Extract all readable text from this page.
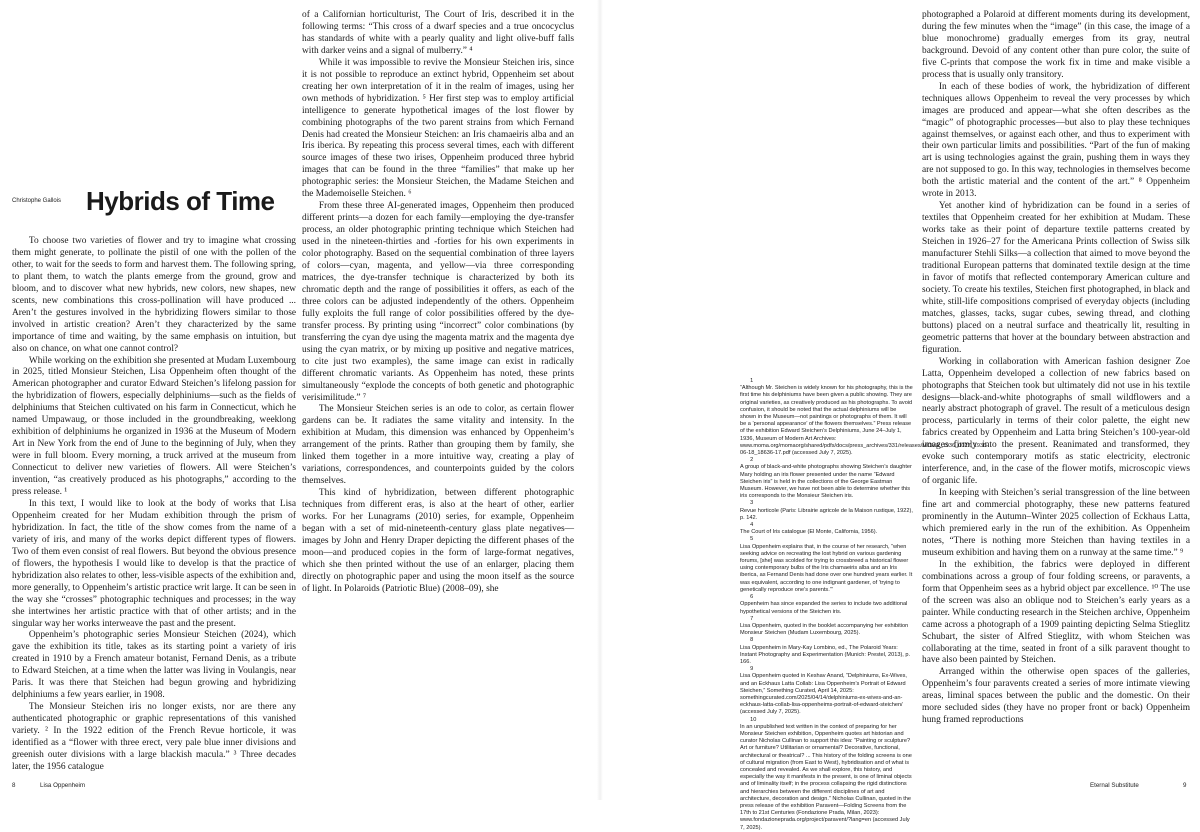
Christophe Gallois Hybrids of Time

To choose two varieties of flower and try to imagine what crossing them might generate, to pollinate the pistil of one with the pollen of the other, to wait for the seeds to form and harvest them. The following spring, to plant them, to watch the plants emerge from the ground, grow and bloom, and to discover what new hybrids, new colors, new shapes, new scents, new combinations this cross-pollination will have produced ... Aren’t the gestures involved in the hybridizing flowers similar to those involved in artistic creation? Aren’t they characterized by the same importance of time and waiting, by the same emphasis on intuition, but also on chance, on what one cannot control?

While working on the exhibition she presented at Mudam Luxembourg in 2025, titled Monsieur Steichen, Lisa Oppenheim often thought of the American photographer and curator Edward Steichen’s lifelong passion for the hybridization of flowers, especially delphiniums—such as the fields of delphiniums that Steichen cultivated on his farm in Connecticut, which he named Umpawaug, or those included in the groundbreaking, weeklong exhibition of delphiniums he organized in 1936 at the Museum of Modern Art in New York from the end of June to the beginning of July, when they were in full bloom. Every morning, a truck arrived at the museum from Connecticut to deliver new varieties of flowers. All were Steichen’s invention, “as creatively produced as his photographs,” according to the press release. ¹

In this text, I would like to look at the body of works that Lisa Oppenheim created for her Mudam exhibition through the prism of hybridization. In fact, the title of the show comes from the name of a variety of iris, and many of the works depict different types of flowers. Two of them even consist of real flowers. But beyond the obvious presence of flowers, the hypothesis I would like to develop is that the practice of hybridization also relates to other, less-visible aspects of the exhibition and, more generally, to Oppenheim’s artistic practice writ large. It can be seen in the way she “crosses” photographic techniques and processes; in the way she intertwines her artistic practice with that of other artists; and in the singular way her works interweave the past and the present.

Oppenheim’s photographic series Monsieur Steichen (2024), which gave the exhibition its title, takes as its starting point a variety of iris created in 1910 by a French amateur botanist, Fernand Denis, as a tribute to Edward Steichen, at a time when the latter was living in Voulangis, near Paris. It was there that Steichen had begun growing and hybridizing delphiniums a few years earlier, in 1908.

The Monsieur Steichen iris no longer exists, nor are there any authenticated photographic or graphic representations of this vanished variety. ² In the 1922 edition of the French Revue horticole, it was identified as a “flower with three erect, very pale blue inner divisions and greenish outer divisions with a large blackish macula.” ³ Three decades later, the 1956 catalogue

of a Californian horticulturist, The Court of Iris, described it in the following terms: “This cross of a dwarf species and a true oncocyclus has standards of white with a pearly quality and light olive-buff falls with darker veins and a signal of mulberry.” ⁴

While it was impossible to revive the Monsieur Steichen iris, since it is not possible to reproduce an extinct hybrid, Oppenheim set about creating her own interpretation of it in the realm of images, using her own methods of hybridization. ⁵ Her first step was to employ artificial intelligence to generate hypothetical images of the lost flower by combining photographs of the two parent strains from which Fernand Denis had created the Monsieur Steichen: an Iris chamaeiris alba and an Iris iberica. By repeating this process several times, each with different source images of these two irises, Oppenheim produced three hybrid images that can be found in the three “families” that make up her photographic series: the Monsieur Steichen, the Madame Steichen and the Mademoiselle Steichen. ⁶

From these three AI-generated images, Oppenheim then produced different prints—a dozen for each family—employing the dye-transfer process, an older photographic printing technique which Steichen had used in the nineteen-thirties and -forties for his own experiments in color photography. Based on the sequential combination of three layers of colors—cyan, magenta, and yellow—via three corresponding matrices, the dye-transfer technique is characterized by both its chromatic depth and the range of possibilities it offers, as each of the three colors can be adjusted independently of the others. Oppenheim fully exploits the full range of color possibilities offered by the dye-transfer process. By printing using “incorrect” color combinations (by transferring the cyan dye using the magenta matrix and the magenta dye using the cyan matrix, or by mixing up positive and negative matrices, to cite just two examples), the same image can exist in radically different chromatic variants. As Oppenheim has noted, these prints simultaneously “explode the concepts of both genetic and photographic verisimilitude.” ⁷

The Monsieur Steichen series is an ode to color, as certain flower gardens can be. It radiates the same vitality and intensity. In the exhibition at Mudam, this dimension was enhanced by Oppenheim’s arrangement of the prints. Rather than grouping them by family, she linked them together in a more intuitive way, creating a play of variations, correspondences, and counterpoints guided by the colors themselves.

This kind of hybridization, between different photographic techniques from different eras, is also at the heart of other, earlier works. For her Lunagrams (2010) series, for example, Oppenheim began with a set of mid-nineteenth-century glass plate negatives—images by John and Henry Draper depicting the different phases of the moon—and produced copies in the form of large-format negatives, which she then printed without the use of an enlarger, placing them directly on photographic paper and using the moon itself as the source of light. In Polaroids (Patriotic Blue) (2008–09), she

8	Lisa Oppenheim

1
“Although Mr. Steichen is widely known for his photography, this is the first time his delphiniums have been given a public showing. They are original varieties, as creatively produced as his photographs. To avoid confusion, it should be noted that the actual delphiniums will be shown in the Museum—not paintings or photographs of them. It will be a ‘personal appearance’ of the flowers themselves.” Press release of the exhibition Edward Steichen’s Delphiniums, June 24–July 1, 1936, Museum of Modern Art Archives: www.moma.org/momaorg/shared/pdfs/docs/press_archives/331/releases/MOMA_1936_0027_1936-06-18_18636-17.pdf (accessed July 7, 2025).

2
A group of black-and-white photographs showing Steichen’s daughter Mary holding an iris flower presented under the name “Edward Steichen iris” is held in the collections of the George Eastman Museum. However, we have not been able to determine whether this iris corresponds to the Monsieur Steichen iris.

3
Revue horticole (Paris: Librairie agricole de la Maison rustique, 1922), p. 142.

4
The Court of Iris catalogue (El Monte, California, 1956).

5
Lisa Oppenheim explains that, in the course of her research, “when seeking advice on recreating the lost hybrid on various gardening forums, [she] was scolded for trying to crossbreed a historical flower using contemporary bulbs of the Iris chamaeiris alba and an Iris iberica, as Fernand Denis had done over one hundred years earlier. It was equivalent, according to one indignant gardener, of ‘trying to genetically reproduce one’s parents.’”

6
Oppenheim has since expanded the series to include two additional hypothetical versions of the Steichen iris.

7
Lisa Oppenheim, quoted in the booklet accompanying her exhibition Monsieur Steichen (Mudam Luxembourg, 2025).

8
Lisa Oppenheim in Mary-Kay Lombino, ed., The Polaroid Years: Instant Photography and Experimentation (Munich: Prestel, 2013), p. 166.

9
Lisa Oppenheim quoted in Keshav Anand, “Delphiniums, Ex-Wives, and an Eckhaus Latta Collab: Lisa Oppenheim’s Portrait of Edward Steichen,” Something Curated, April 14, 2025: somethingcurated.com/2025/04/14/delphiniums-ex-wives-and-an-eckhaus-latta-collab-lisa-oppenheims-portrait-of-edward-steichen/ (accessed July 7, 2025).

10
In an unpublished text written in the context of preparing for her Monsieur Steichen exhibition, Oppenheim quotes art historian and curator Nicholas Cullinan to support this idea: “Painting or sculpture? Art or furniture? Utilitarian or ornamental? Decorative, functional, architectural or theatrical? ... This history of the folding screens is one of cultural migration (from East to West), hybridisation and of what is concealed and revealed. As we shall explore, this history, and especially the way it manifests in the present, is one of liminal objects and of liminality itself; in the process collapsing the rigid distinctions and hierarchies between the different disciplines of art and architecture, decoration and design.” Nicholas Cullinan, quoted in the press release of the exhibition Paravent—Folding Screens from the 17th to 21st Centuries (Fondazione Prada, Milan, 2023): www.fondazioneprada.org/project/paravent/?lang=en (accessed July 7, 2025).

photographed a Polaroid at different moments during its development, during the few minutes when the “image” (in this case, the image of a blue monochrome) gradually emerges from its gray, neutral background. Devoid of any content other than pure color, the suite of five C-prints that compose the work fix in time and make visible a process that is usually only transitory.

In each of these bodies of work, the hybridization of different techniques allows Oppenheim to reveal the very processes by which images are produced and appear—what she often describes as the “magic” of photographic processes—but also to play these techniques against themselves, or against each other, and thus to experiment with their own particular limits and possibilities. “Part of the fun of making art is using technologies against the grain, pushing them in ways they are not supposed to go. In this way, technologies in themselves become both the artistic material and the content of the art.” ⁸ Oppenheim wrote in 2013.

Yet another kind of hybridization can be found in a series of textiles that Oppenheim created for her exhibition at Mudam. These works take as their point of departure textile patterns created by Steichen in 1926–27 for the Americana Prints collection of Swiss silk manufacturer Stehli Silks—a collection that aimed to move beyond the traditional European patterns that dominated textile design at the time in favor of motifs that reflected contemporary American culture and society. To create his textiles, Steichen first photographed, in black and white, still-life compositions comprised of everyday objects (including matches, glasses, tacks, sugar cubes, sewing thread, and clothing buttons) placed on a neutral surface and theatrically lit, resulting in geometric patterns that hover at the boundary between abstraction and figuration.

Working in collaboration with American fashion designer Zoe Latta, Oppenheim developed a collection of new fabrics based on photographs that Steichen took but ultimately did not use in his textile designs—black-and-white photographs of small wildflowers and a nearly abstract photograph of gravel. The result of a meticulous design process, particularly in terms of their color palette, the eight new fabrics created by Oppenheim and Latta bring Steichen’s 100-year-old images firmly into the present. Reanimated and transformed, they evoke such contemporary motifs as static electricity, electronic interference, and, in the case of the flower motifs, microscopic views of organic life.

In keeping with Steichen’s serial transgression of the line between fine art and commercial photography, these new patterns featured prominently in the Autumn–Winter 2025 collection of Eckhaus Latta, which premiered early in the run of the exhibition. As Oppenheim notes, “There is nothing more Steichen than having textiles in a museum exhibition and having them on a runway at the same time.” ⁹

In the exhibition, the fabrics were deployed in different combinations across a group of four folding screens, or paravents, a form that Oppenheim sees as a hybrid object par excellence. ¹⁰ The use of the screen was also an oblique nod to Steichen’s early years as a painter. While conducting research in the Steichen archive, Oppenheim came across a photograph of a 1909 painting depicting Selma Stieglitz Schubart, the sister of Alfred Stieglitz, with whom Steichen was collaborating at the time, seated in front of a silk paravent thought to have also been painted by Steichen.

Arranged within the otherwise open spaces of the galleries, Oppenheim’s four paravents created a series of more intimate viewing areas, liminal spaces between the public and the domestic. On their more secluded sides (they have no proper front or back) Oppenheim hung framed reproductions

Eternal Substitute	9
